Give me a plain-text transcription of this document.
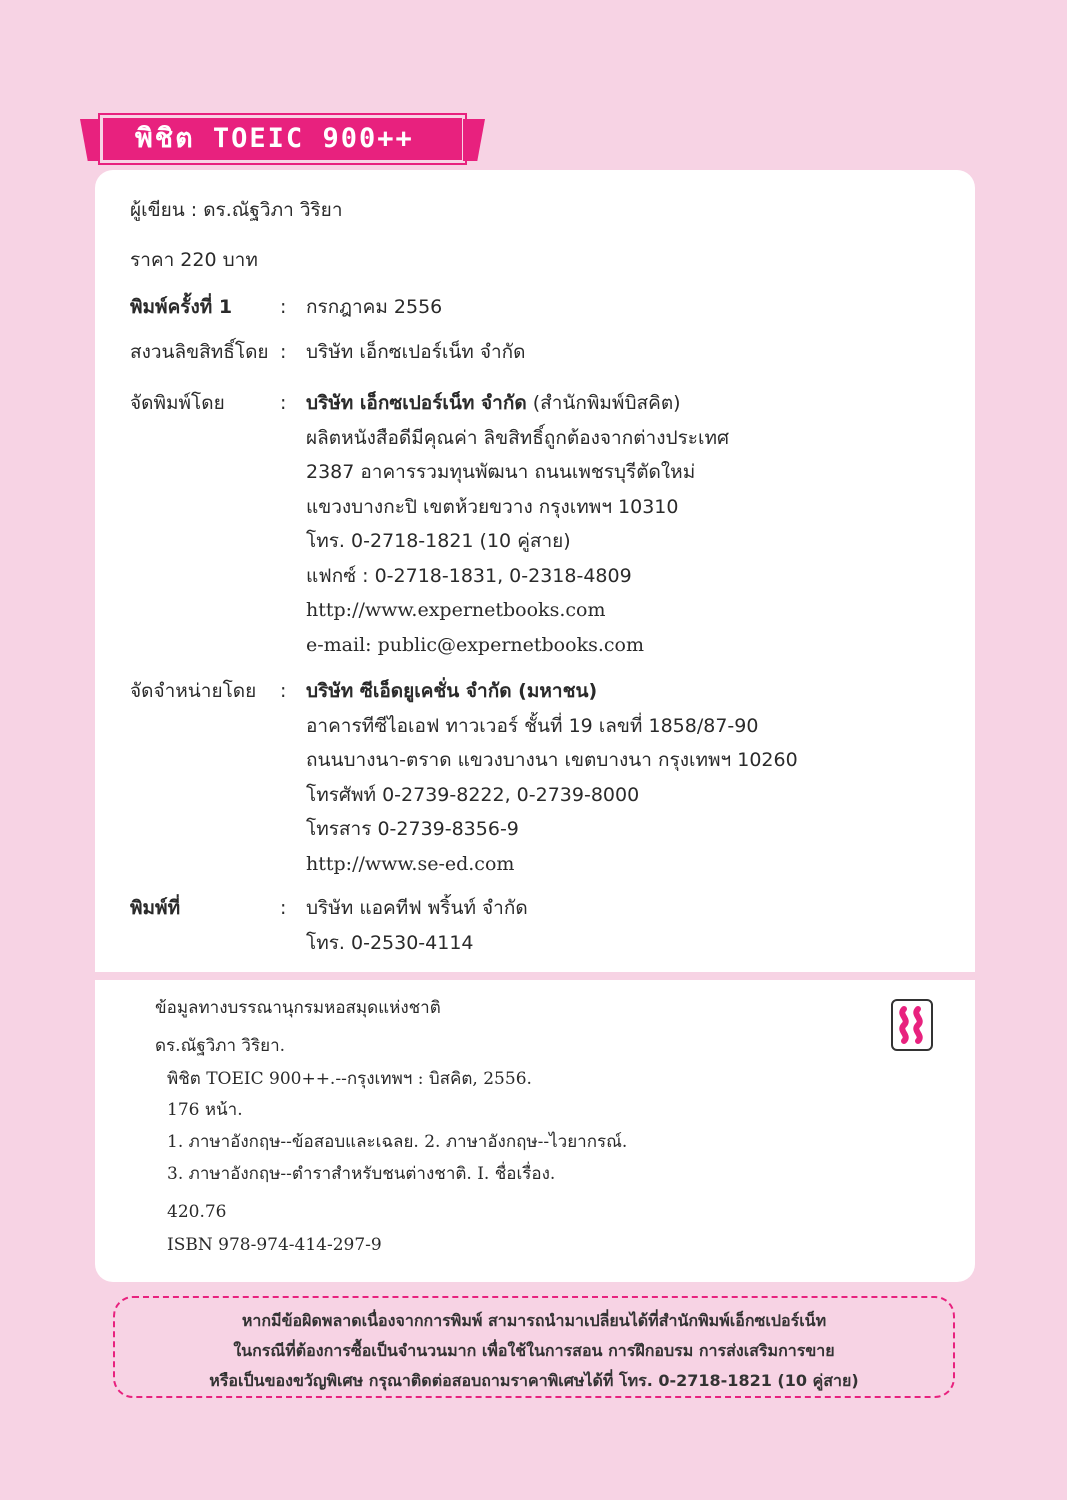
พิชิต TOEIC 900++
ผู้เขียน : ดร.ณัฐวิภา วิริยา
ราคา 220 บาท
พิมพ์ครั้งที่ 1	:	กรกฎาคม 2556
สงวนลิขสิทธิ์โดย :	บริษัท เอ็กซเปอร์เน็ท จำกัด
จัดพิมพ์โดย	:	บริษัท เอ็กซเปอร์เน็ท จำกัด (สำนักพิมพ์บิสคิต)
ผลิตหนังสือดีมีคุณค่า ลิขสิทธิ์ถูกต้องจากต่างประเทศ
2387 อาคารรวมทุนพัฒนา ถนนเพชรบุรีตัดใหม่
แขวงบางกะปิ เขตห้วยขวาง กรุงเทพฯ 10310
โทร. 0-2718-1821 (10 คู่สาย)
แฟกซ์ : 0-2718-1831, 0-2318-4809
http://www.expernetbooks.com
e-mail: public@expernetbooks.com
จัดจำหน่ายโดย	:	บริษัท ซีเอ็ดยูเคชั่น จำกัด (มหาชน)
อาคารทีซีไอเอฟ ทาวเวอร์ ชั้นที่ 19 เลขที่ 1858/87-90
ถนนบางนา-ตราด แขวงบางนา เขตบางนา กรุงเทพฯ 10260
โทรศัพท์ 0-2739-8222, 0-2739-8000
โทรสาร 0-2739-8356-9
http://www.se-ed.com
พิมพ์ที่	:	บริษัท แอคทีฟ พริ้นท์ จำกัด
โทร. 0-2530-4114
ข้อมูลทางบรรณานุกรมหอสมุดแห่งชาติ
ดร.ณัฐวิภา วิริยา.
พิชิต TOEIC 900++.--กรุงเทพฯ : บิสคิต, 2556.
176 หน้า.
1. ภาษาอังกฤษ--ข้อสอบและเฉลย. 2. ภาษาอังกฤษ--ไวยากรณ์.
3. ภาษาอังกฤษ--ตำราสำหรับชนต่างชาติ. I. ชื่อเรื่อง.
420.76
ISBN 978-974-414-297-9
หากมีข้อผิดพลาดเนื่องจากการพิมพ์ สามารถนำมาเปลี่ยนได้ที่สำนักพิมพ์เอ็กซเปอร์เน็ท
ในกรณีที่ต้องการซื้อเป็นจำนวนมาก เพื่อใช้ในการสอน การฝึกอบรม การส่งเสริมการขาย
หรือเป็นของขวัญพิเศษ กรุณาติดต่อสอบถามราคาพิเศษได้ที่ โทร. 0-2718-1821 (10 คู่สาย)
